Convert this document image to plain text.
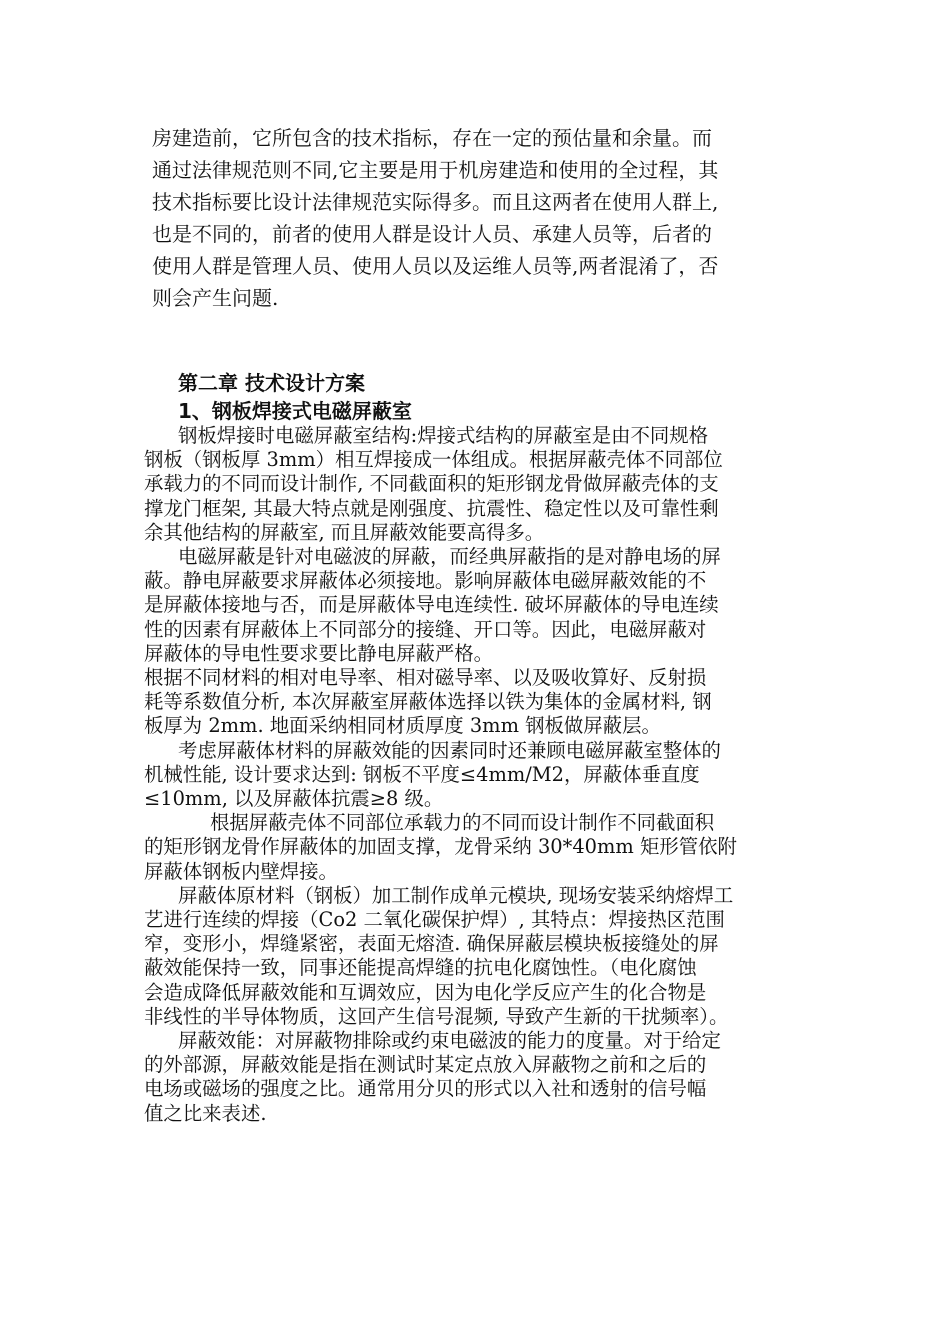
房建造前，它所包含的技术指标，存在一定的预估量和余量。而

通过法律规范则不同,它主要是用于机房建造和使用的全过程，其

技术指标要比设计法律规范实际得多。而且这两者在使用人群上,

也是不同的，前者的使用人群是设计人员、承建人员等，后者的

使用人群是管理人员、使用人员以及运维人员等,两者混淆了，否

则会产生问题.

第二章 技术设计方案
1、钢板焊接式电磁屏蔽室

钢板焊接时电磁屏蔽室结构:焊接式结构的屏蔽室是由不同规格
钢板（钢板厚 3mm）相互焊接成一体组成。根据屏蔽壳体不同部位
承载力的不同而设计制作, 不同截面积的矩形钢龙骨做屏蔽壳体的支
撑龙门框架, 其最大特点就是刚强度、抗震性、稳定性以及可靠性剩
余其他结构的屏蔽室, 而且屏蔽效能要高得多。

电磁屏蔽是针对电磁波的屏蔽，而经典屏蔽指的是对静电场的屏
蔽。静电屏蔽要求屏蔽体必须接地。影响屏蔽体电磁屏蔽效能的不
是屏蔽体接地与否，而是屏蔽体导电连续性. 破坏屏蔽体的导电连续
性的因素有屏蔽体上不同部分的接缝、开口等。因此，电磁屏蔽对
屏蔽体的导电性要求要比静电屏蔽严格。

根据不同材料的相对电导率、相对磁导率、以及吸收算好、反射损
耗等系数值分析, 本次屏蔽室屏蔽体选择以铁为集体的金属材料, 钢
板厚为 2mm. 地面采纳相同材质厚度 3mm 钢板做屏蔽层。

考虑屏蔽体材料的屏蔽效能的因素同时还兼顾电磁屏蔽室整体的
机械性能, 设计要求达到: 钢板不平度≤4mm/M2，屏蔽体垂直度
≤10mm, 以及屏蔽体抗震≥8 级。

根据屏蔽壳体不同部位承载力的不同而设计制作不同截面积
的矩形钢龙骨作屏蔽体的加固支撑，龙骨采纳 30*40mm 矩形管依附
屏蔽体钢板内壁焊接。

屏蔽体原材料（钢板）加工制作成单元模块, 现场安装采纳熔焊工
艺进行连续的焊接（Co2 二氧化碳保护焊）, 其特点：焊接热区范围
窄，变形小，焊缝紧密，表面无熔渣. 确保屏蔽层模块板接缝处的屏
蔽效能保持一致，同事还能提高焊缝的抗电化腐蚀性。（电化腐蚀
会造成降低屏蔽效能和互调效应，因为电化学反应产生的化合物是
非线性的半导体物质，这回产生信号混频, 导致产生新的干扰频率）。

屏蔽效能：对屏蔽物排除或约束电磁波的能力的度量。对于给定
的外部源，屏蔽效能是指在测试时某定点放入屏蔽物之前和之后的
电场或磁场的强度之比。通常用分贝的形式以入社和透射的信号幅
值之比来表述.
